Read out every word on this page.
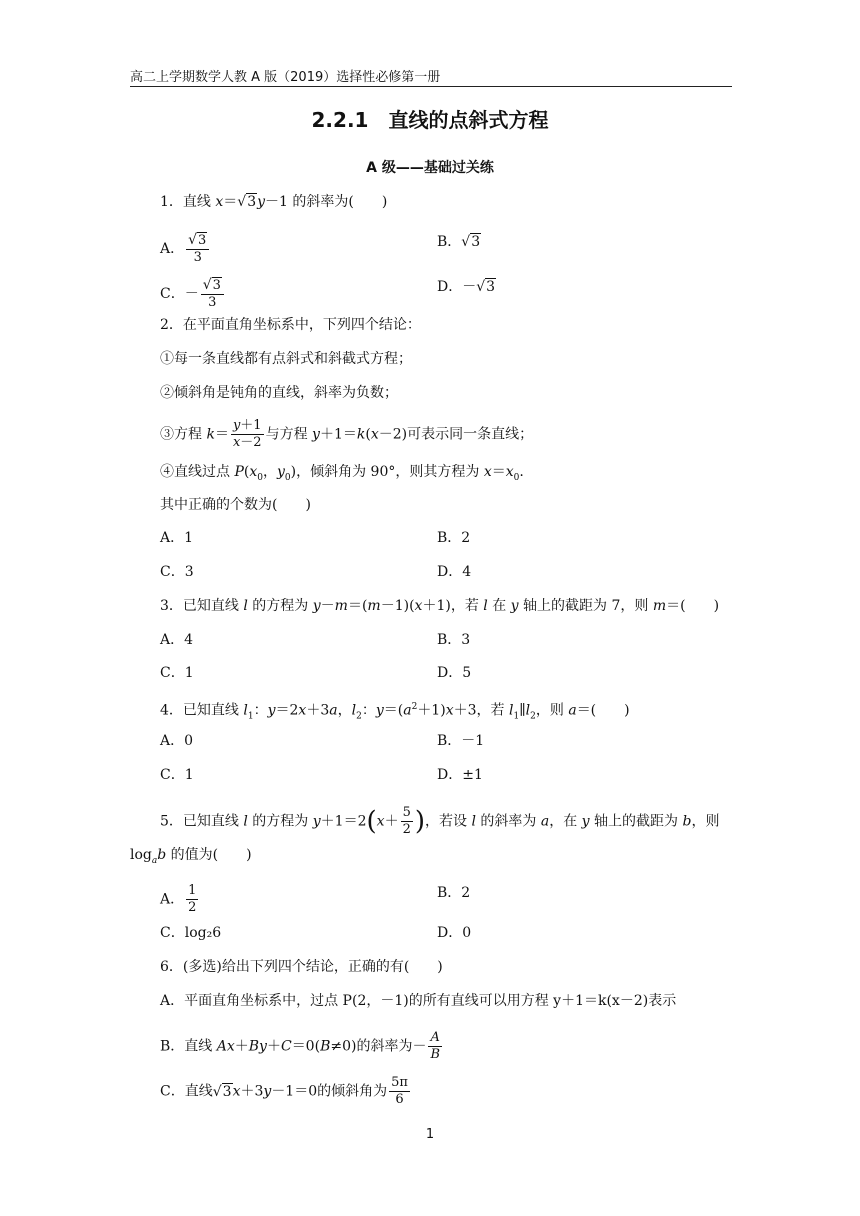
高二上学期数学人教 A 版（2019）选择性必修第一册
2.2.1　直线的点斜式方程
A 级——基础过关练
1．直线 x＝√3y－1 的斜率为(　　)
A． $\frac{√3}{3}$	B．√3
C．－ $\frac{√3}{3}$	D．－√3
2．在平面直角坐标系中，下列四个结论：
①每一条直线都有点斜式和斜截式方程；
②倾斜角是钝角的直线，斜率为负数；
③方程 $k= \frac{y+1}{x-2}$ 与方程 y＋1＝k(x－2)可表示同一条直线；
④直线过点 $P(x_0$，$y_0$)，倾斜角为 90°，则其方程为 $x=x_0$.
其中正确的个数为(　　)
A．1	B．2
C．3	D．4
3．已知直线 l 的方程为 y－m＝(m－1)(x＋1)，若 l 在 y 轴上的截距为 7，则 m＝(　　)
A．4	B．3
C．1	D．5
4．已知直线 $l_1$：y＝2x＋3a，$l_2$：$y=(a^2+1)x+3$，若 $l_1\parallel l_2$，则 a＝(　　)
A．0	B．－1
C．1	D．±1
5．已知直线 l 的方程为 $y+1=2(x+ \frac{5}{2}$ )，若设 l 的斜率为 a，在 y 轴上的截距为 b，则
$\log_ab$ 的值为(　　)
A． $\frac{1}{2}$	B．2
C．log₂6	D．0
6．(多选)给出下列四个结论，正确的有(　　)
A．平面直角坐标系中，过点 P(2，－1)的所有直线可以用方程 y＋1＝k(x－2)表示
B．直线 Ax＋By＋C＝0(B≠0)的斜率为－ $\frac{A}{B}$
C．直线√3x＋3y－1＝0的倾斜角为 $\frac{5\pi}{6}$
1
